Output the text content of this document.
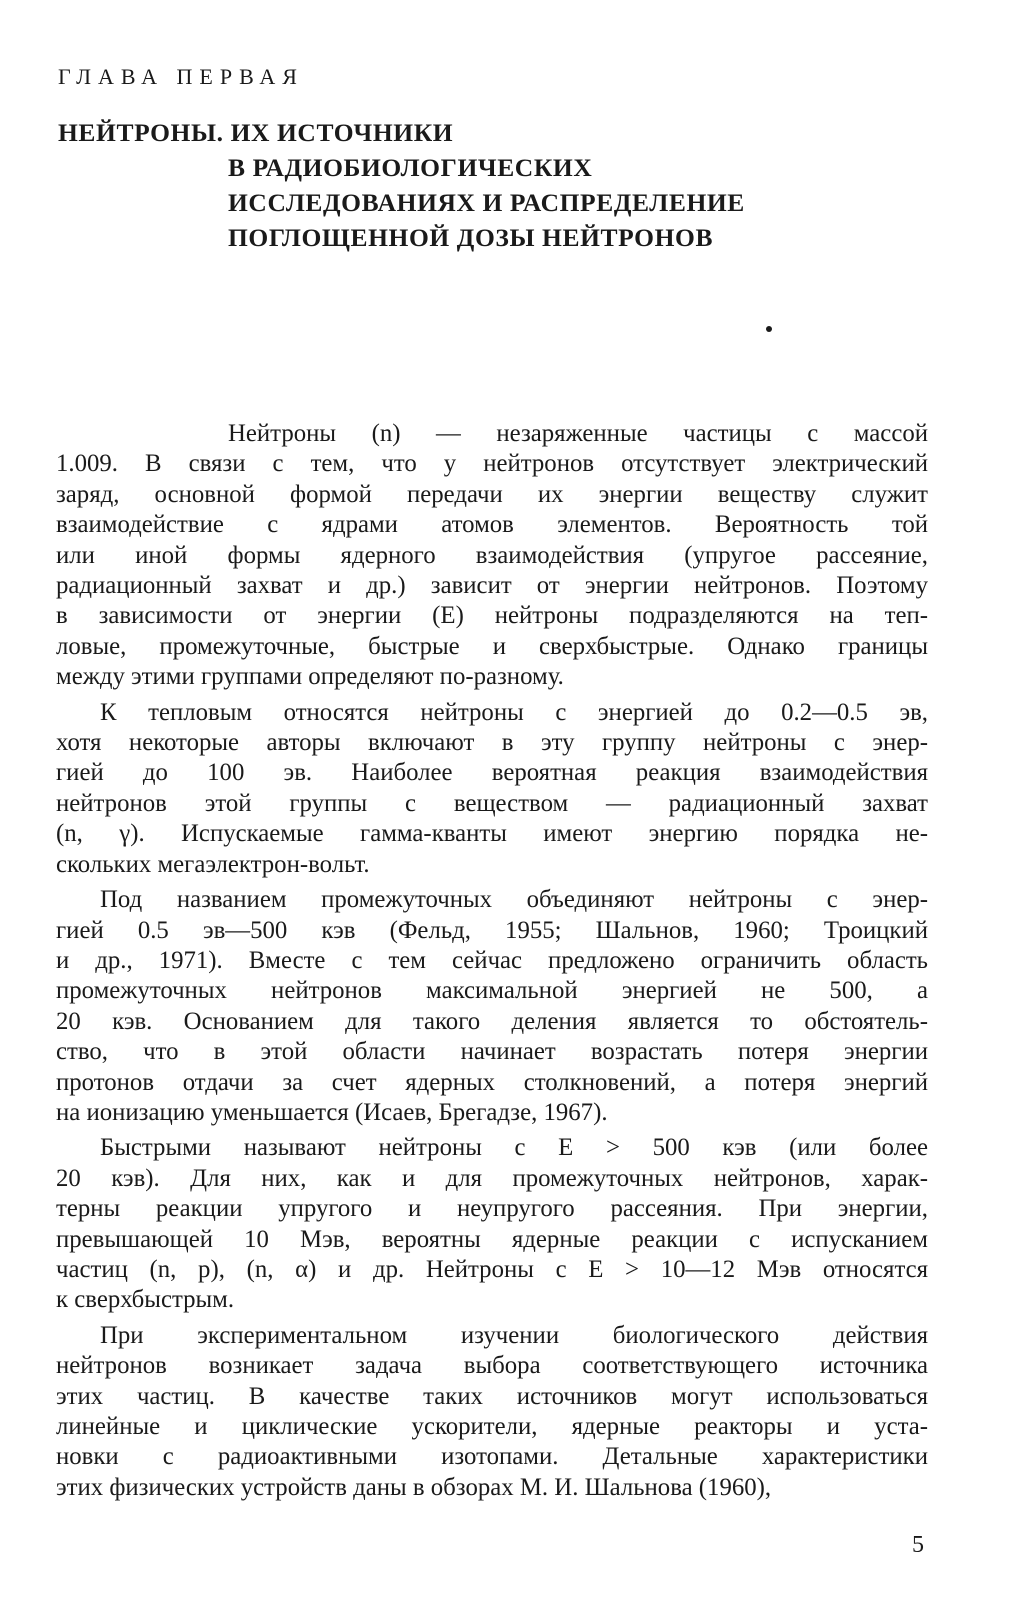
ГЛАВА ПЕРВАЯ
НЕЙТРОНЫ. ИХ ИСТОЧНИКИ
В РАДИОБИОЛОГИЧЕСКИХ
ИССЛЕДОВАНИЯХ И РАСПРЕДЕЛЕНИЕ
ПОГЛОЩЕННОЙ ДОЗЫ НЕЙТРОНОВ

Нейтроны (n) — незаряженные частицы с массой
1.009. В связи с тем, что у нейтронов отсутствует электрический
заряд, основной формой передачи их энергии веществу служит
взаимодействие с ядрами атомов элементов. Вероятность той
или иной формы ядерного взаимодействия (упругое рассеяние,
радиационный захват и др.) зависит от энергии нейтронов. Поэтому
в зависимости от энергии (E) нейтроны подразделяются на теп-
ловые, промежуточные, быстрые и сверхбыстрые. Однако границы
между этими группами определяют по-разному.

К тепловым относятся нейтроны с энергией до 0.2—0.5 эв,
хотя некоторые авторы включают в эту группу нейтроны с энер-
гией до 100 эв. Наиболее вероятная реакция взаимодействия
нейтронов этой группы с веществом — радиационный захват
(n, γ). Испускаемые гамма-кванты имеют энергию порядка не-
скольких мегаэлектрон-вольт.

Под названием промежуточных объединяют нейтроны с энер-
гией 0.5 эв—500 кэв (Фельд, 1955; Шальнов, 1960; Троицкий
и др., 1971). Вместе с тем сейчас предложено ограничить область
промежуточных нейтронов максимальной энергией не 500, а
20 кэв. Основанием для такого деления является то обстоятель-
ство, что в этой области начинает возрастать потеря энергии
протонов отдачи за счет ядерных столкновений, а потеря энергий
на ионизацию уменьшается (Исаев, Брегадзе, 1967).

Быстрыми называют нейтроны с E > 500 кэв (или более
20 кэв). Для них, как и для промежуточных нейтронов, харак-
терны реакции упругого и неупругого рассеяния. При энергии,
превышающей 10 Мэв, вероятны ядерные реакции с испусканием
частиц (n, p), (n, α) и др. Нейтроны с E > 10—12 Мэв относятся
к сверхбыстрым.

При экспериментальном изучении биологического действия
нейтронов возникает задача выбора соответствующего источника
этих частиц. В качестве таких источников могут использоваться
линейные и циклические ускорители, ядерные реакторы и уста-
новки с радиоактивными изотопами. Детальные характеристики
этих физических устройств даны в обзорах М. И. Шальнова (1960),

5
